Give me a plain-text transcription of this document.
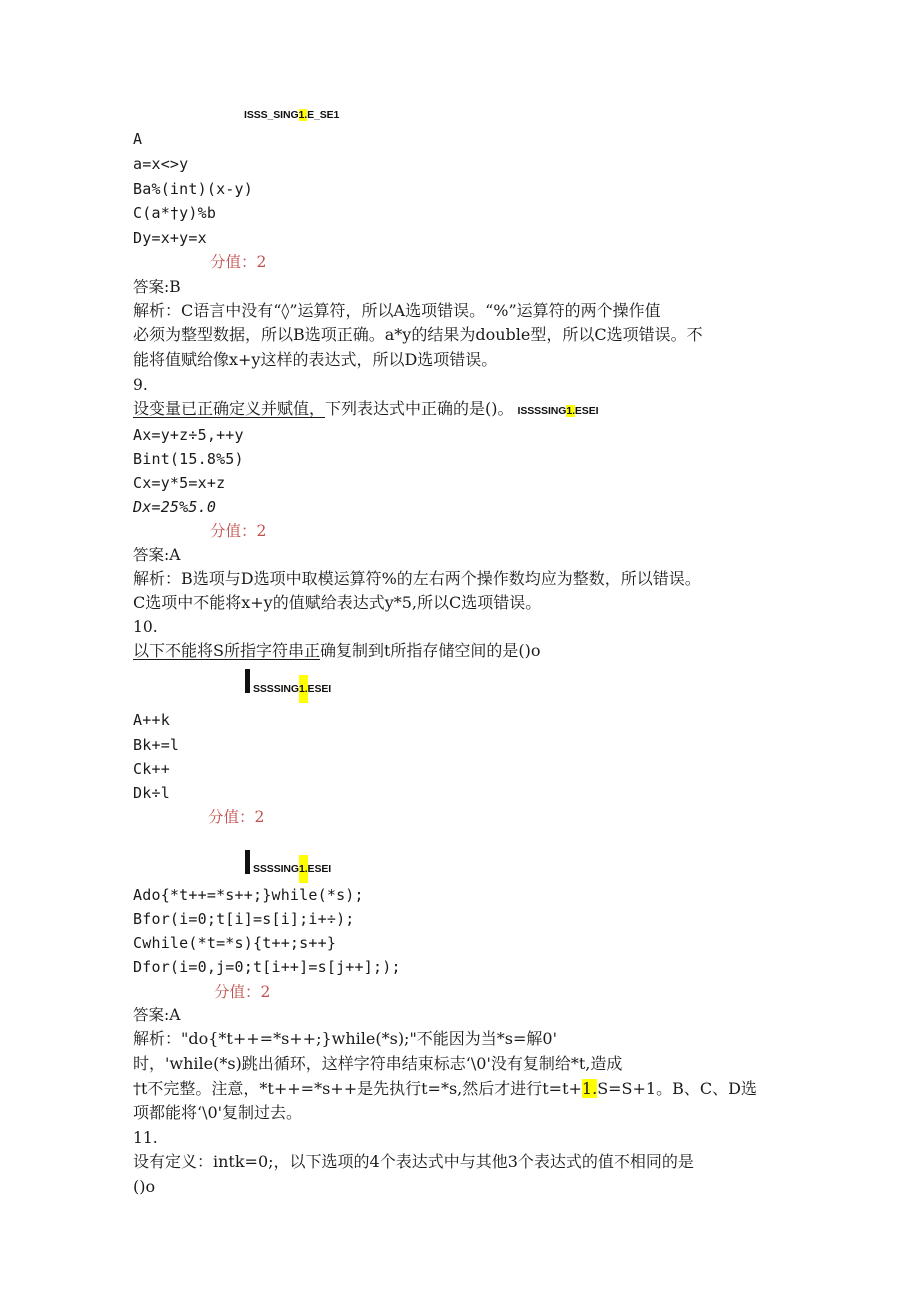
ISSS_SING1.E_SE1
A
a=x<>y
Ba%(int)(x-y)
C(a*†y)%b
Dy=x+y=x
分值：2
答案:B
解析：C语言中没有“◊”运算符，所以A选项错误。“%”运算符的两个操作值
必须为整型数据，所以B选项正确。a*y的结果为double型，所以C选项错误。不
能将值赋给像x+y这样的表达式，所以D选项错误。
9.
设变量已正确定义并赋值，下列表达式中正确的是()。 ISSSSING1.ESEI
Ax=y+z÷5,++y
Bint(15.8%5)
Cx=y*5=x+z
Dx=25%5.0
分值：2
答案:A
解析：B选项与D选项中取模运算符%的左右两个操作数均应为整数，所以错误。
C选项中不能将x+y的值赋给表达式y*5,所以C选项错误。
10.
以下不能将S所指字符串正确复制到t所指存储空间的是()o
SSSSING1.ESEI
A++k
Bk+=l
Ck++
Dk÷l
分值：2
SSSSING1.ESEI
Ado{*t++=*s++;}while(*s);
Bfor(i=0;t[i]=s[i];i+÷);
Cwhile(*t=*s){t++;s++}
Dfor(i=0,j=0;t[i++]=s[j++];);
分值：2
答案:A
解析："do{*t++=*s++;}while(*s);"不能因为当*s=解0'
时，'while(*s)跳出循环，这样字符串结束标志‘\0'没有复制给*t,造成
†t不完整。注意，*t++=*s++是先执行t=*s,然后才进行t=t+1.S=S+1。B、C、D选
项都能将‘\0'复制过去。
11.
设有定义：intk=0;，以下选项的4个表达式中与其他3个表达式的值不相同的是
()o
